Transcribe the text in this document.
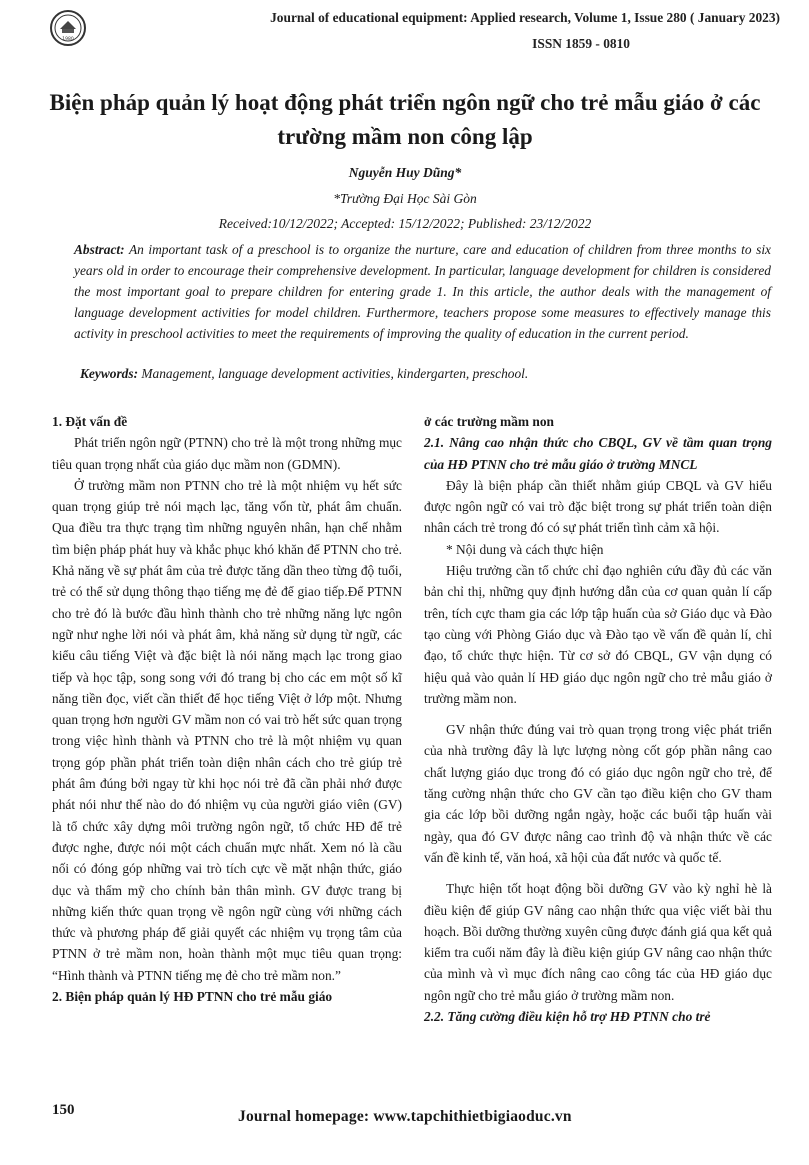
1980
Journal of educational equipment: Applied research, Volume 1, Issue 280 ( January 2023)
ISSN 1859 - 0810
Biện pháp quản lý hoạt động phát triển ngôn ngữ cho trẻ mẫu giáo ở các trường mầm non công lập
Nguyễn Huy Dũng*
*Trường Đại Học Sài Gòn
Received:10/12/2022; Accepted: 15/12/2022; Published: 23/12/2022
Abstract: An important task of a preschool is to organize the nurture, care and education of children from three months to six years old in order to encourage their comprehensive development. In particular, language development for children is considered the most important goal to prepare children for entering grade 1. In this article, the author deals with the management of language development activities for model children. Furthermore, teachers propose some measures to effectively manage this activity in preschool activities to meet the requirements of improving the quality of education in the current period.
Keywords: Management, language development activities, kindergarten, preschool.

1. Đặt vấn đề

Phát triển ngôn ngữ (PTNN) cho trẻ là một trong những mục tiêu quan trọng nhất của giáo dục mầm non (GDMN).

Ở trường mầm non PTNN cho trẻ là một nhiệm vụ hết sức quan trọng giúp trẻ nói mạch lạc, tăng vốn từ, phát âm chuẩn. Qua điều tra thực trạng tìm những nguyên nhân, hạn chế nhằm tìm biện pháp phát huy và khắc phục khó khăn để PTNN cho trẻ. Khả năng về sự phát âm của trẻ được tăng dần theo từng độ tuổi, trẻ có thể sử dụng thông thạo tiếng mẹ đẻ để giao tiếp.Để PTNN cho trẻ đó là bước đầu hình thành cho trẻ những năng lực ngôn ngữ như nghe lời nói và phát âm, khả năng sử dụng từ ngữ, các kiểu câu tiếng Việt và đặc biệt là nói năng mạch lạc trong giao tiếp và học tập, song song với đó trang bị cho các em một số kĩ năng tiền đọc, viết cần thiết để học tiếng Việt ở lớp một. Nhưng quan trọng hơn người GV mầm non có vai trò hết sức quan trọng trong việc hình thành và PTNN cho trẻ là một nhiệm vụ quan trọng góp phần phát triển toàn diện nhân cách cho trẻ giúp trẻ phát âm đúng bởi ngay từ khi học nói trẻ đã cần phải nhớ được phát nói như thế nào do đó nhiệm vụ của người giáo viên (GV) là tổ chức xây dựng môi trường ngôn ngữ, tổ chức HĐ để trẻ được nghe, được nói một cách chuẩn mực nhất. Xem nó là cầu nối có đóng góp những vai trò tích cực về mặt nhận thức, giáo dục và thẩm mỹ cho chính bản thân mình. GV được trang bị những kiến thức quan trọng về ngôn ngữ cùng với những cách thức và phương pháp để giải quyết các nhiệm vụ trọng tâm của PTNN ở trẻ mầm non, hoàn thành một mục tiêu quan trọng: “Hình thành và PTNN tiếng mẹ đẻ cho trẻ mầm non.”

2. Biện pháp quản lý HĐ PTNN cho trẻ mẫu giáo

ở các trường mầm non

2.1. Nâng cao nhận thức cho CBQL, GV về tầm quan trọng của HĐ PTNN cho trẻ mẫu giáo ở trường MNCL

Đây là biện pháp cần thiết nhằm giúp CBQL và GV hiểu được ngôn ngữ có vai trò đặc biệt trong sự phát triển toàn diện nhân cách trẻ trong đó có sự phát triển tình cảm xã hội.

* Nội dung và cách thực hiện

Hiệu trưởng cần tổ chức chỉ đạo nghiên cứu đầy đủ các văn bản chỉ thị, những quy định hướng dẫn của cơ quan quản lí cấp trên, tích cực tham gia các lớp tập huấn của sở Giáo dục và Đào tạo cùng với Phòng Giáo dục và Đào tạo về vấn đề quản lí, chỉ đạo, tổ chức thực hiện. Từ cơ sở đó CBQL, GV vận dụng có hiệu quả vào quản lí HĐ giáo dục ngôn ngữ cho trẻ mẫu giáo ở trường mầm non.

GV nhận thức đúng vai trò quan trọng trong việc phát triển của nhà trường đây là lực lượng nòng cốt góp phần nâng cao chất lượng giáo dục trong đó có giáo dục ngôn ngữ cho trẻ, để tăng cường nhận thức cho GV cần tạo điều kiện cho GV tham gia các lớp bồi dưỡng ngắn ngày, hoặc các buổi tập huấn vài ngày, qua đó GV được nâng cao trình độ và nhận thức về các vấn đề kinh tế, văn hoá, xã hội của đất nước và quốc tế.

Thực hiện tốt hoạt động bồi dưỡng GV vào kỳ nghỉ hè là điều kiện để giúp GV nâng cao nhận thức qua việc viết bài thu hoạch. Bồi dưỡng thường xuyên cũng được đánh giá qua kết quả kiểm tra cuối năm đây là điều kiện giúp GV nâng cao nhận thức của mình và vì mục đích nâng cao công tác của HĐ giáo dục ngôn ngữ cho trẻ mẫu giáo ở trường mầm non.

2.2. Tăng cường điều kiện hỗ trợ HĐ PTNN cho trẻ

150	Journal homepage: www.tapchithietbigiaoduc.vn
